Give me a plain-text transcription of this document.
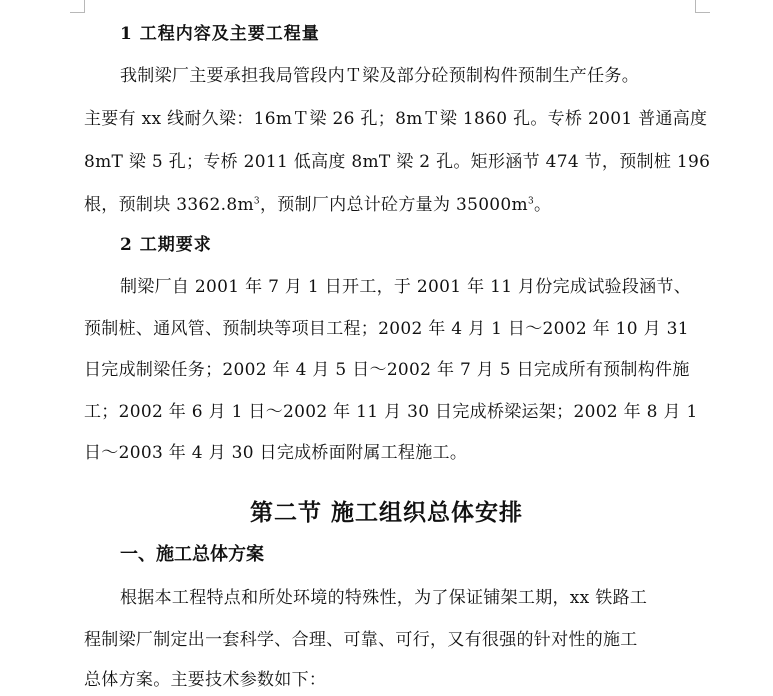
1 工程内容及主要工程量
我制梁厂主要承担我局管段内Ｔ梁及部分砼预制构件预制生产任务。
主要有 xx 线耐久梁：16mＴ梁 26 孔；8mＴ梁 1860 孔。专桥 2001 普通高度
8mT 梁 5 孔；专桥 2011 低高度 8mT 梁 2 孔。矩形涵节 474 节，预制桩 196
根，预制块 $3362.8m^3$，预制厂内总计砼方量为 $35000m^3$。
2 工期要求
制梁厂自 2001 年 7 月 1 日开工，于 2001 年 11 月份完成试验段涵节、
预制桩、通风管、预制块等项目工程；2002 年 4 月 1 日～2002 年 10 月 31
日完成制梁任务；2002 年 4 月 5 日～2002 年 7 月 5 日完成所有预制构件施
工；2002 年 6 月 1 日～2002 年 11 月 30 日完成桥梁运架；2002 年 8 月 1
日～2003 年 4 月 30 日完成桥面附属工程施工。
第二节 施工组织总体安排
一、施工总体方案
根据本工程特点和所处环境的特殊性，为了保证铺架工期，xx 铁路工
程制梁厂制定出一套科学、合理、可靠、可行，又有很强的针对性的施工
总体方案。主要技术参数如下：
